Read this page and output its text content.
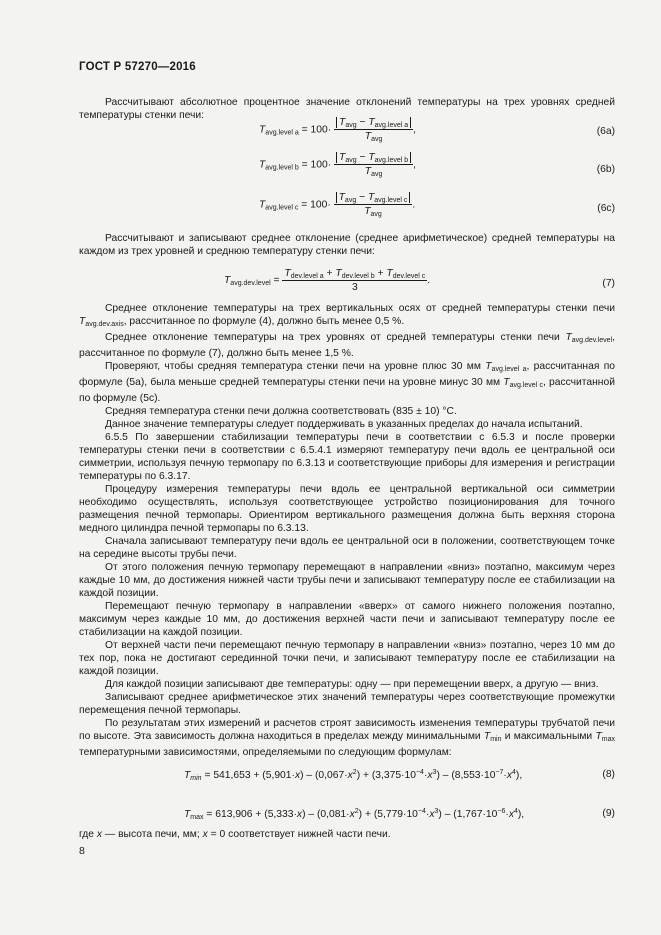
ГОСТ Р 57270—2016

Рассчитывают абсолютное процентное значение отклонений температуры на трех уровнях средней температуры стенки печи:

$T_{avg.level a} = 100\cdot \frac{T_{avg} - T_{avg.level a}}{T_{avg}}$ ,	(6а)
$T_{avg.level b} = 100\cdot \frac{T_{avg} - T_{avg.level b}}{T_{avg}}$ ,	(6b)
$T_{avg.level c} = 100\cdot \frac{T_{avg} - T_{avg.level c}}{T_{avg}}$ .	(6c)

Рассчитывают и записывают среднее отклонение (среднее арифметическое) средней температуры на каждом из трех уровней и среднюю температуру стенки печи:

$T_{avg.dev.level} = \frac{T_{dev.level a} + T_{dev.level b} + T_{dev.level c}}{3}$ .	(7)

Среднее отклонение температуры на трех вертикальных осях от средней температуры стенки печи $T_{avg.dev.axis}$, рассчитанное по формуле (4), должно быть менее 0,5 %.

Среднее отклонение температуры на трех уровнях от средней температуры стенки печи $T_{avg.dev.level}$, рассчитанное по формуле (7), должно быть менее 1,5 %.

Проверяют, чтобы средняя температура стенки печи на уровне плюс 30 мм $T_{avg.level a}$, рассчитанная по формуле (5а), была меньше средней температуры стенки печи на уровне минус 30 мм $T_{avg.level c}$, рассчитанной по формуле (5с).

Средняя температура стенки печи должна соответствовать (835 ± 10) °С.

Данное значение температуры следует поддерживать в указанных пределах до начала испытаний.

6.5.5 По завершении стабилизации температуры печи в соответствии с 6.5.3 и после проверки температуры стенки печи в соответствии с 6.5.4.1 измеряют температуру печи вдоль ее центральной оси симметрии, используя печную термопару по 6.3.13 и соответствующие приборы для измерения и регистрации температуры по 6.3.17.

Процедуру измерения температуры печи вдоль ее центральной вертикальной оси симметрии необходимо осуществлять, используя соответствующее устройство позиционирования для точного размещения печной термопары. Ориентиром вертикального размещения должна быть верхняя сторона медного цилиндра печной термопары по 6.3.13.

Сначала записывают температуру печи вдоль ее центральной оси в положении, соответствующем точке на середине высоты трубы печи.

От этого положения печную термопару перемещают в направлении «вниз» поэтапно, максимум через каждые 10 мм, до достижения нижней части трубы печи и записывают температуру после ее стабилизации на каждой позиции.

Перемещают печную термопару в направлении «вверх» от самого нижнего положения поэтапно, максимум через каждые 10 мм, до достижения верхней части печи и записывают температуру после ее стабилизации на каждой позиции.

От верхней части печи перемещают печную термопару в направлении «вниз» поэтапно, через 10 мм до тех пор, пока не достигают серединной точки печи, и записывают температуру после ее стабилизации на каждой позиции.

Для каждой позиции записывают две температуры: одну — при перемещении вверх, а другую — вниз.

Записывают среднее арифметическое этих значений температуры через соответствующие промежутки перемещения печной термопары.

По результатам этих измерений и расчетов строят зависимость изменения температуры трубчатой печи по высоте. Эта зависимость должна находиться в пределах между минимальными $T_{min}$ и максимальными $T_{max}$ температурными зависимостями, определяемыми по следующим формулам:

$T_{min} = 541,653 + (5,901\cdot x) - (0,067\cdot x^2) + (3,375\cdot 10^{-4}\cdot x^3) - (8,553\cdot 10^{-7}\cdot x^4)$,	(8)
$T_{max} = 613,906 + (5,333\cdot x) - (0,081\cdot x^2) + (5,779\cdot 10^{-4}\cdot x^3) - (1,767\cdot 10^{-6}\cdot x^4)$,	(9)

где x — высота печи, мм; x = 0 соответствует нижней части печи.

8
